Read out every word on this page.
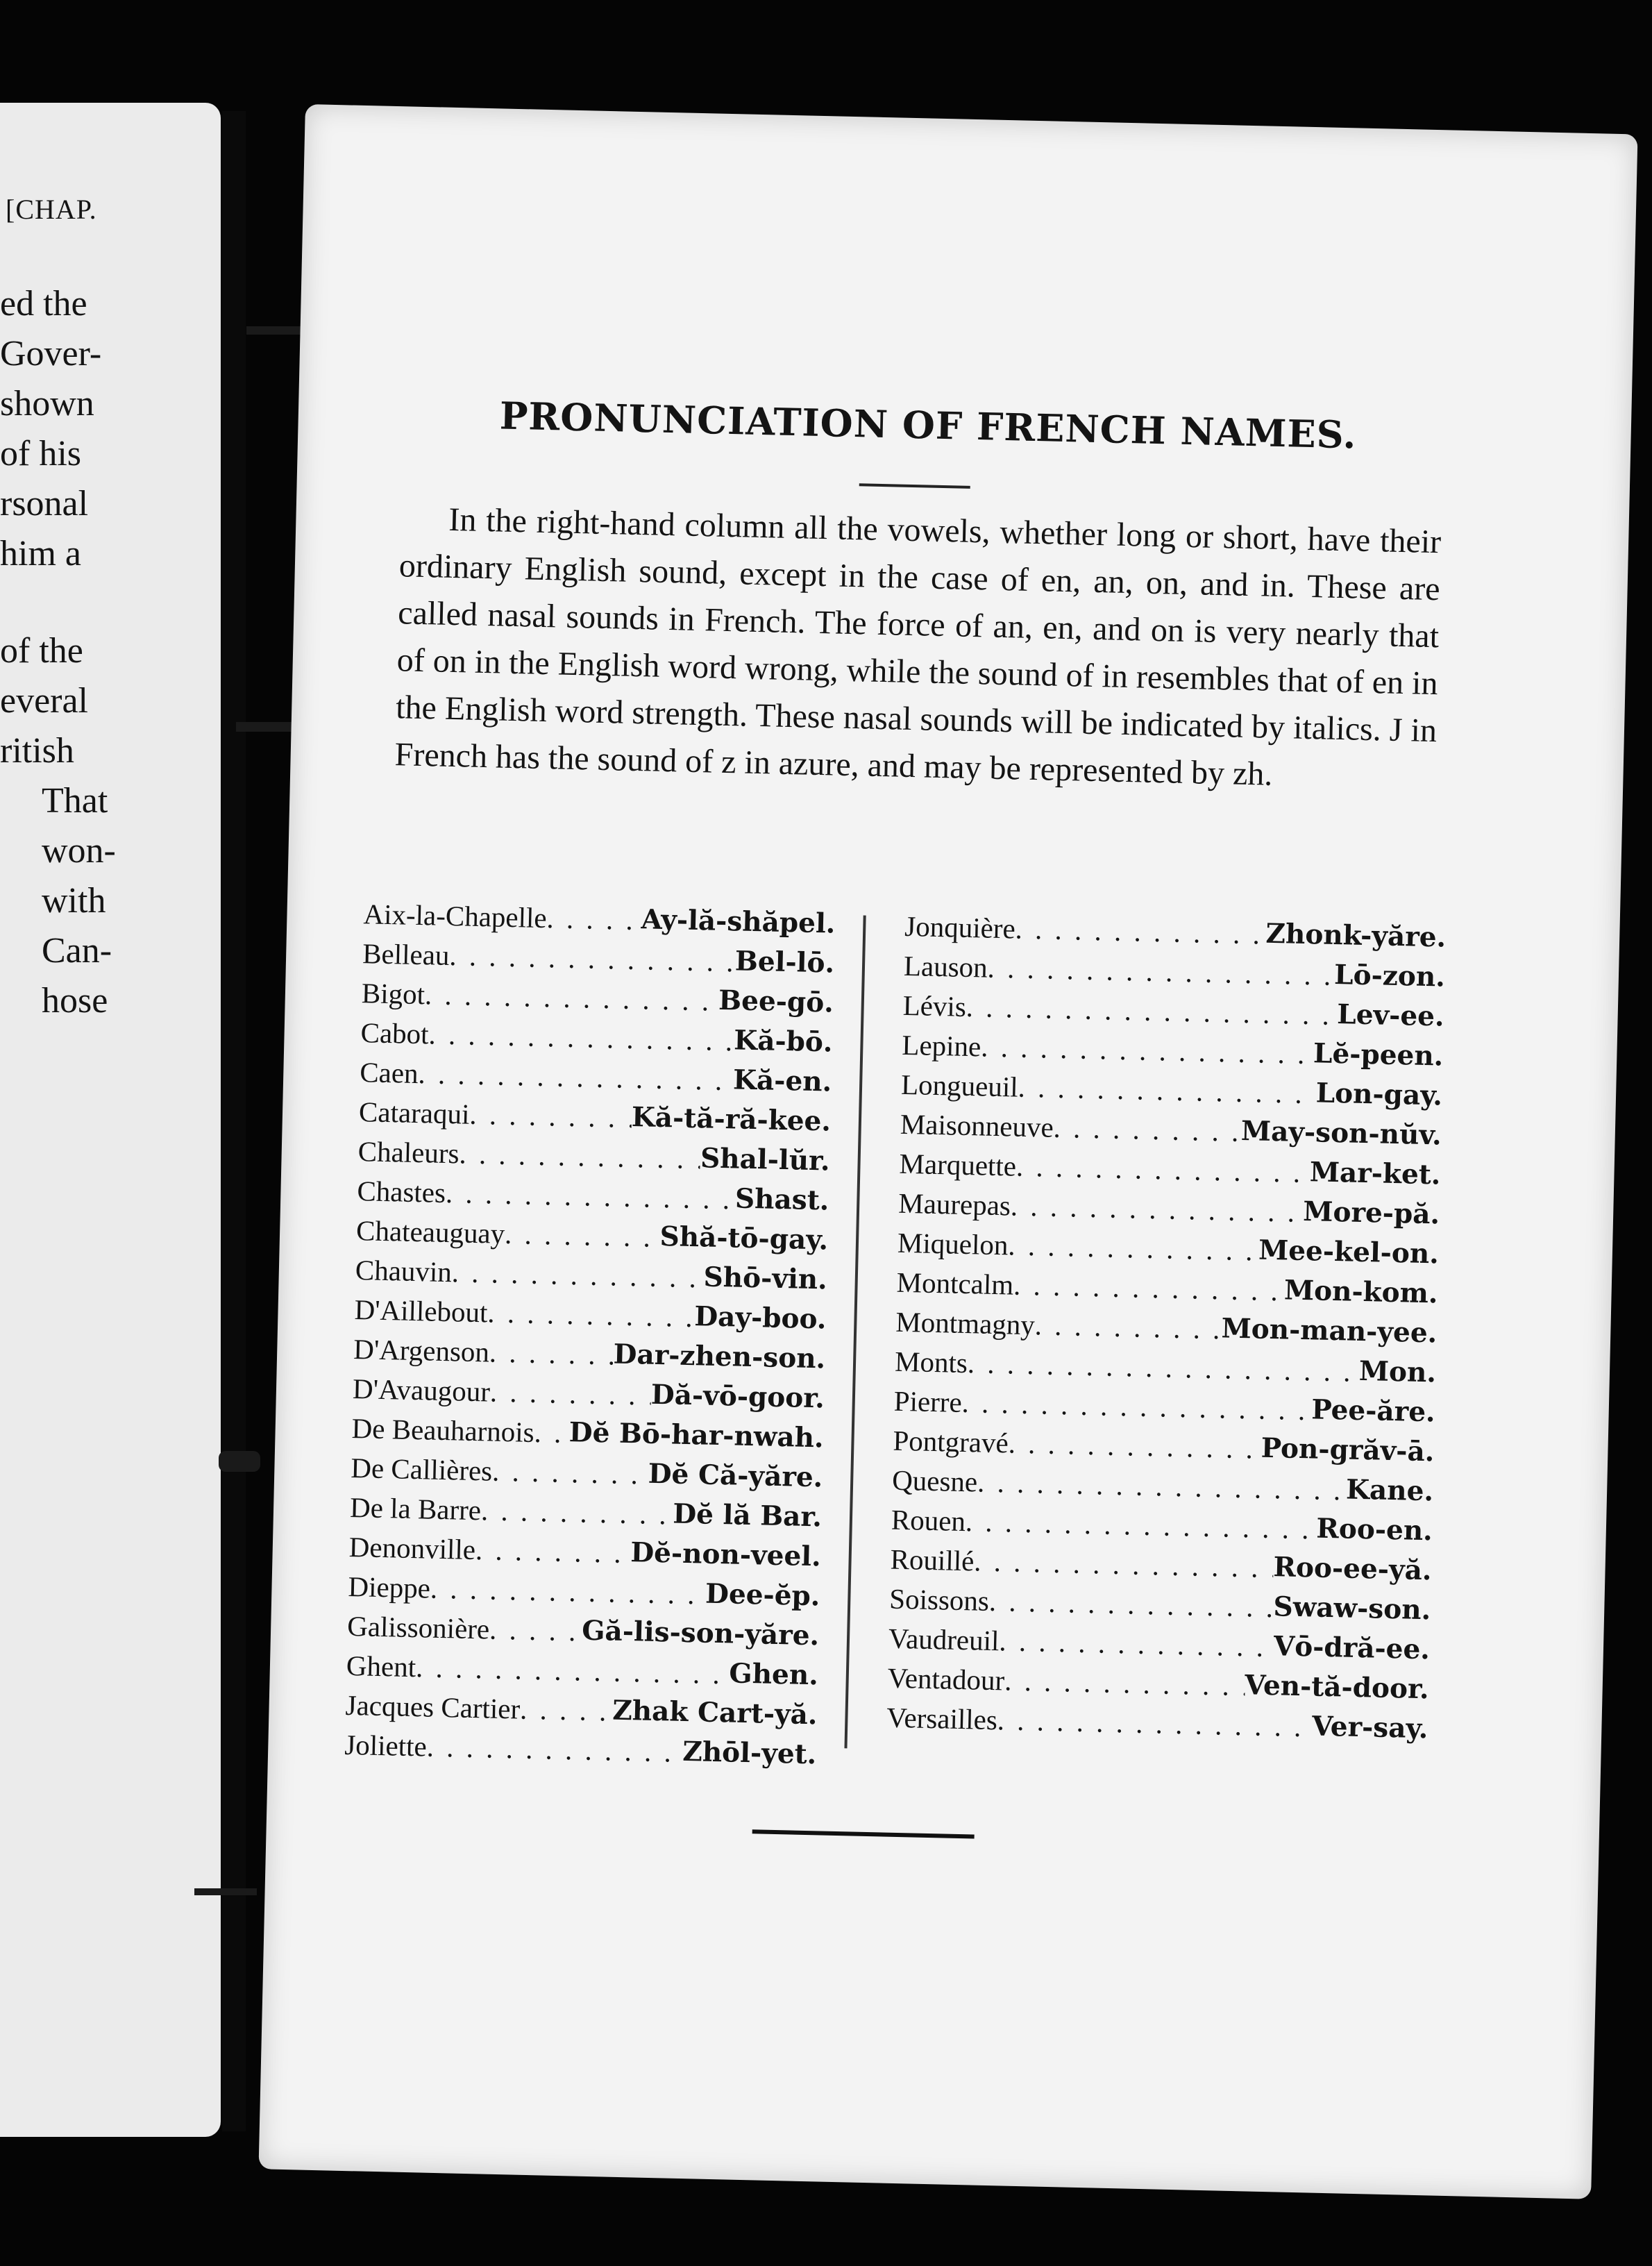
[CHAP.
ed the
Gover-
shown
of his
rsonal
him a
of the
everal
ritish
That
won-
with
Can-
hose
PRONUNCIATION OF FRENCH NAMES.
In the right-hand column all the vowels, whether long or short, have their ordinary English sound, except in the case of en, an, on, and in. These are called nasal sounds in French. The force of an, en, and on is very nearly that of on in the English word wrong, while the sound of in resembles that of en in the English word strength. These nasal sounds will be indicated by italics. J in French has the sound of z in azure, and may be represented by zh.
Aix-la-Chapelle . . .	Ay-lă-shăpel.
Belleau . . .	Bel-lō.
Bigot . . .	Bee-gō.
Cabot . . .	Kă-bō.
Caen . . .	Kă-en.
Cataraqui . . .	Kă-tă-ră-kee.
Chaleurs . . .	Shal-lŭr.
Chastes . . .	Shast.
Chateauguay . . .	Shă-tō-gay.
Chauvin . . .	Shō-vin.
D'Aillebout . . .	Day-boo.
D'Argenson . . .	Dar-zhen-son.
D'Avaugour . . .	Dă-vō-goor.
De Beauharnois . . . Dĕ Bō-har-nwah.
De Callières . . .	Dĕ Că-yăre.
De la Barre . . .	Dĕ lă Bar.
Denonville . . .	Dĕ-non-veel.
Dieppe . . .	Dee-ĕp.
Galissonière . . .	Gă-lis-son-yăre.
Ghent . . .	Ghen.
Jacques Cartier . . .	Zhak Cart-yă.
Joliette . . .	Zhōl-yet.
Jonquière . . .	Zhonk-yăre.
Lauson . . .	Lō-zon.
Lévis . . .	Lev-ee.
Lepine . . .	Lĕ-peen.
Longueuil . . .	Lon-gay.
Maisonneuve . . .	May-son-nŭv.
Marquette . . .	Mar-ket.
Maurepas . . .	More-pă.
Miquelon . . .	Mee-kel-on.
Montcalm . . .	Mon-kom.
Montmagny . . .	Mon-man-yee.
Monts . . .	Mon.
Pierre . . .	Pee-ăre.
Pontgravé . . .	Pon-grăv-ā.
Quesne . . .	Kane.
Rouen . . .	Roo-en.
Rouillé . . .	Roo-ee-yă.
Soissons . . .	Swaw-son.
Vaudreuil . . .	Vō-dră-ee.
Ventadour . . .	Ven-tă-door.
Versailles . . .	Ver-say.
